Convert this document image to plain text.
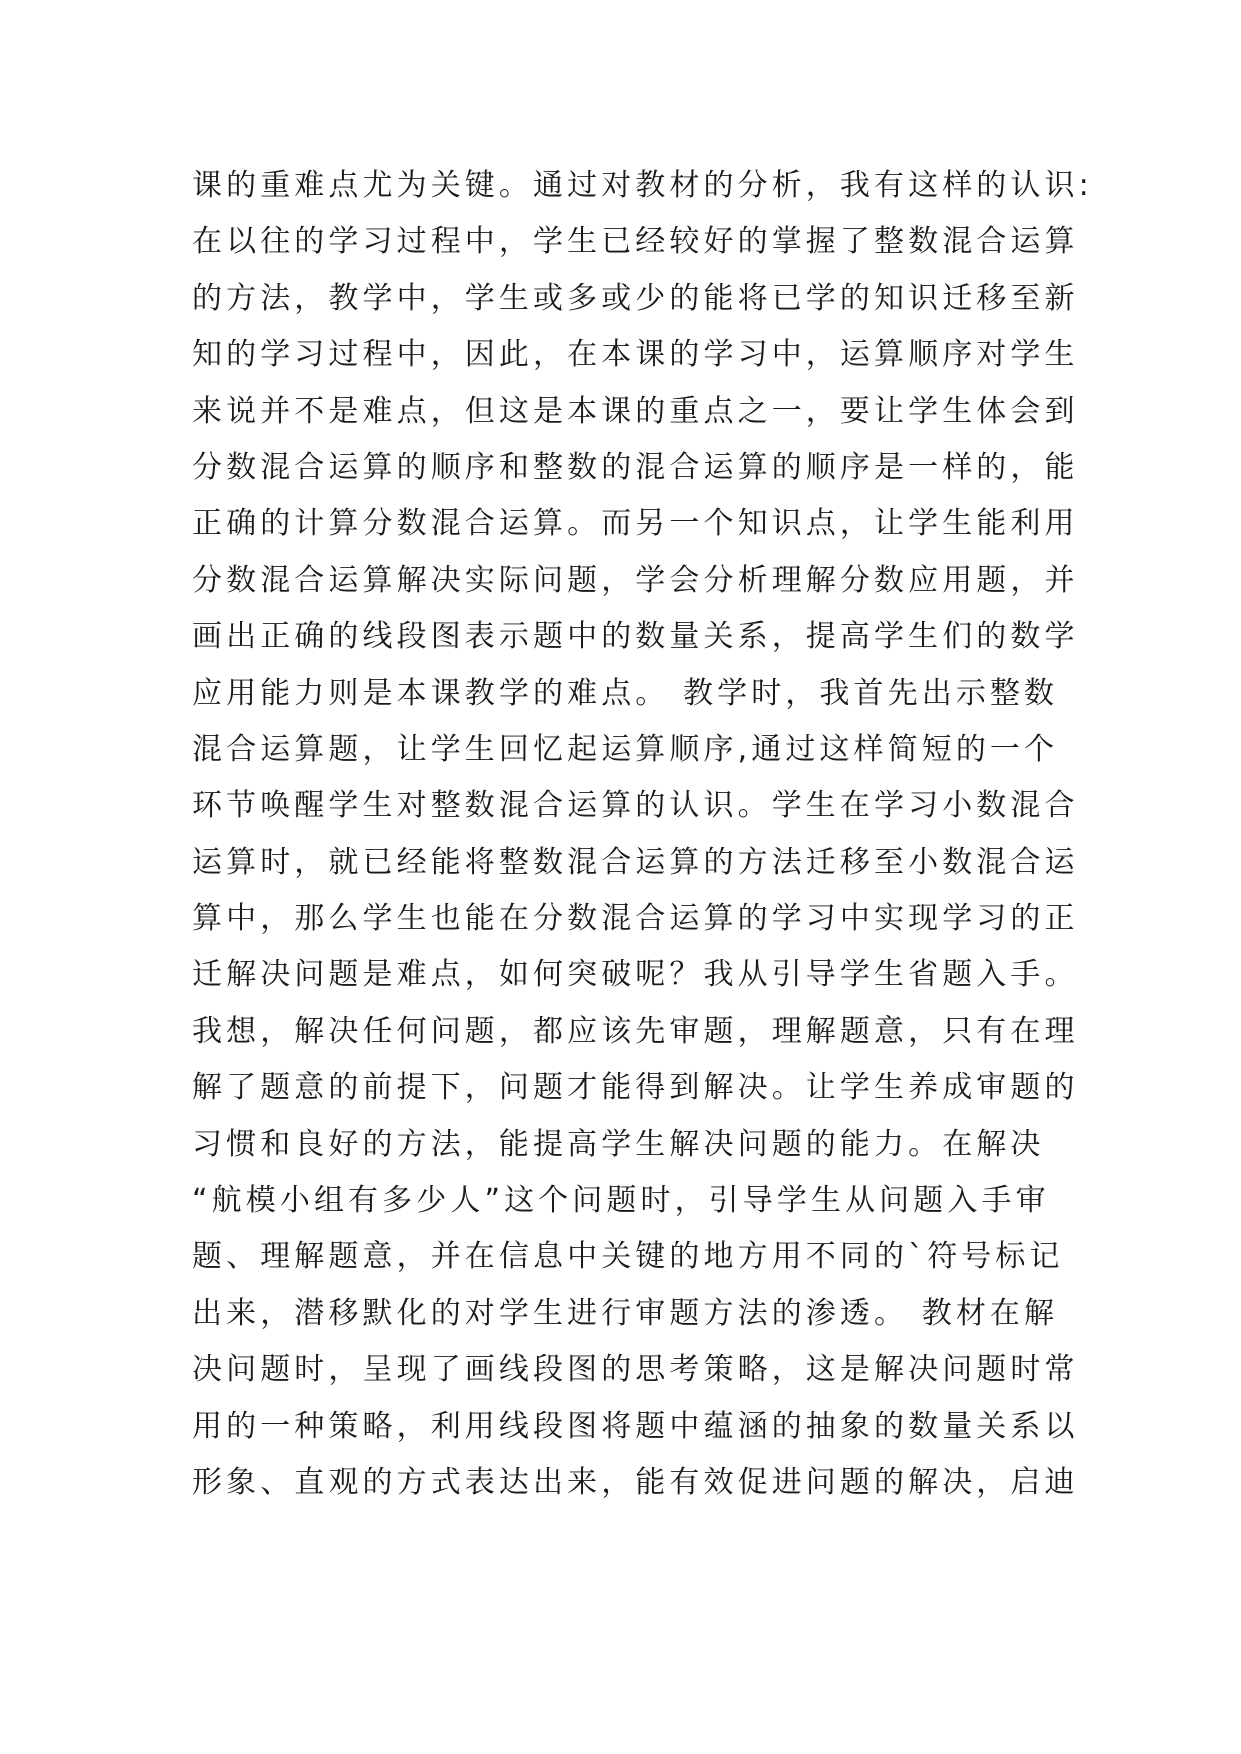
课的重难点尤为关键。通过对教材的分析，我有这样的认识:
在以往的学习过程中，学生已经较好的掌握了整数混合运算
的方法，教学中，学生或多或少的能将已学的知识迁移至新
知的学习过程中，因此，在本课的学习中，运算顺序对学生
来说并不是难点，但这是本课的重点之一，要让学生体会到
分数混合运算的顺序和整数的混合运算的顺序是一样的，能
正确的计算分数混合运算。而另一个知识点，让学生能利用
分数混合运算解决实际问题，学会分析理解分数应用题，并
画出正确的线段图表示题中的数量关系，提高学生们的数学
应用能力则是本课教学的难点。 教学时，我首先出示整数
混合运算题，让学生回忆起运算顺序,通过这样简短的一个
环节唤醒学生对整数混合运算的认识。学生在学习小数混合
运算时，就已经能将整数混合运算的方法迁移至小数混合运
算中，那么学生也能在分数混合运算的学习中实现学习的正
迁解决问题是难点，如何突破呢？我从引导学生省题入手。
我想，解决任何问题，都应该先审题，理解题意，只有在理
解了题意的前提下，问题才能得到解决。让学生养成审题的
习惯和良好的方法，能提高学生解决问题的能力。在解决
“航模小组有多少人”这个问题时，引导学生从问题入手审
题、理解题意，并在信息中关键的地方用不同的`符号标记
出来，潜移默化的对学生进行审题方法的渗透。 教材在解
决问题时，呈现了画线段图的思考策略，这是解决问题时常
用的一种策略，利用线段图将题中蕴涵的抽象的数量关系以
形象、直观的方式表达出来，能有效促进问题的解决，启迪
